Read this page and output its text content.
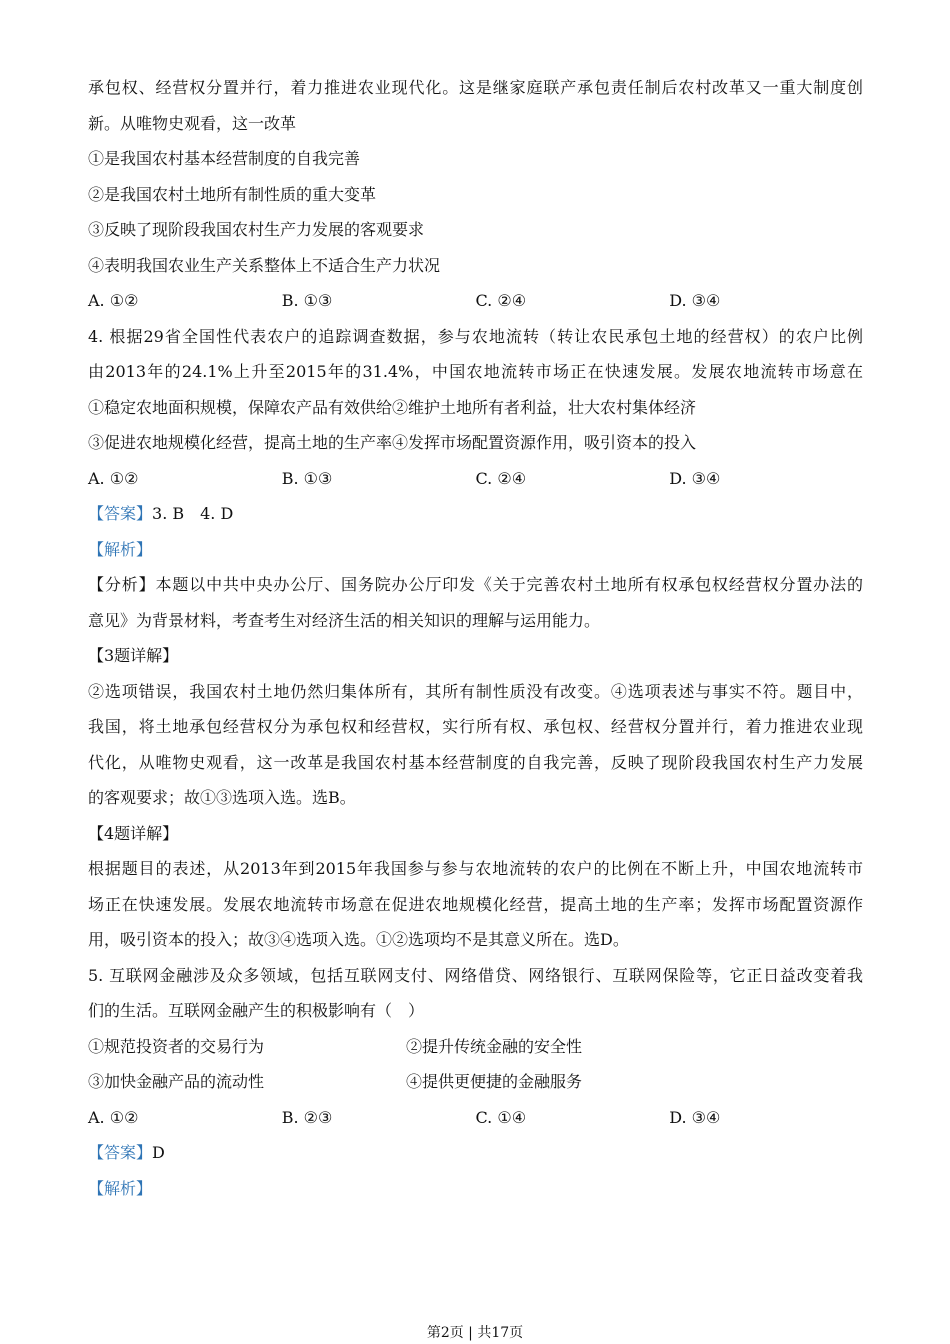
承包权、经营权分置并行，着力推进农业现代化。这是继家庭联产承包责任制后农村改革又一重大制度创
新。从唯物史观看，这一改革
①是我国农村基本经营制度的自我完善
②是我国农村土地所有制性质的重大变革
③反映了现阶段我国农村生产力发展的客观要求
④表明我国农业生产关系整体上不适合生产力状况
A. ①②	B. ①③	C. ②④	D. ③④
4. 根据29省全国性代表农户的追踪调查数据，参与农地流转（转让农民承包土地的经营权）的农户比例
由2013年的24.1%上升至2015年的31.4%，中国农地流转市场正在快速发展。发展农地流转市场意在
①稳定农地面积规模，保障农产品有效供给②维护土地所有者利益，壮大农村集体经济
③促进农地规模化经营，提高土地的生产率④发挥市场配置资源作用，吸引资本的投入
A. ①②	B. ①③	C. ②④	D. ③④
【答案】3. B　4. D
【解析】
【分析】本题以中共中央办公厅、国务院办公厅印发《关于完善农村土地所有权承包权经营权分置办法的
意见》为背景材料，考查考生对经济生活的相关知识的理解与运用能力。
【3题详解】
②选项错误，我国农村土地仍然归集体所有，其所有制性质没有改变。④选项表述与事实不符。题目中，
我国，将土地承包经营权分为承包权和经营权，实行所有权、承包权、经营权分置并行，着力推进农业现
代化，从唯物史观看，这一改革是我国农村基本经营制度的自我完善，反映了现阶段我国农村生产力发展
的客观要求；故①③选项入选。选B。
【4题详解】
根据题目的表述，从2013年到2015年我国参与参与农地流转的农户的比例在不断上升，中国农地流转市
场正在快速发展。发展农地流转市场意在促进农地规模化经营，提高土地的生产率；发挥市场配置资源作
用，吸引资本的投入；故③④选项入选。①②选项均不是其意义所在。选D。
5. 互联网金融涉及众多领域，包括互联网支付、网络借贷、网络银行、互联网保险等，它正日益改变着我
们的生活。互联网金融产生的积极影响有（　）
①规范投资者的交易行为	②提升传统金融的安全性
③加快金融产品的流动性	④提供更便捷的金融服务
A. ①②	B. ②③	C. ①④	D. ③④
【答案】D
【解析】
第2页 | 共17页
